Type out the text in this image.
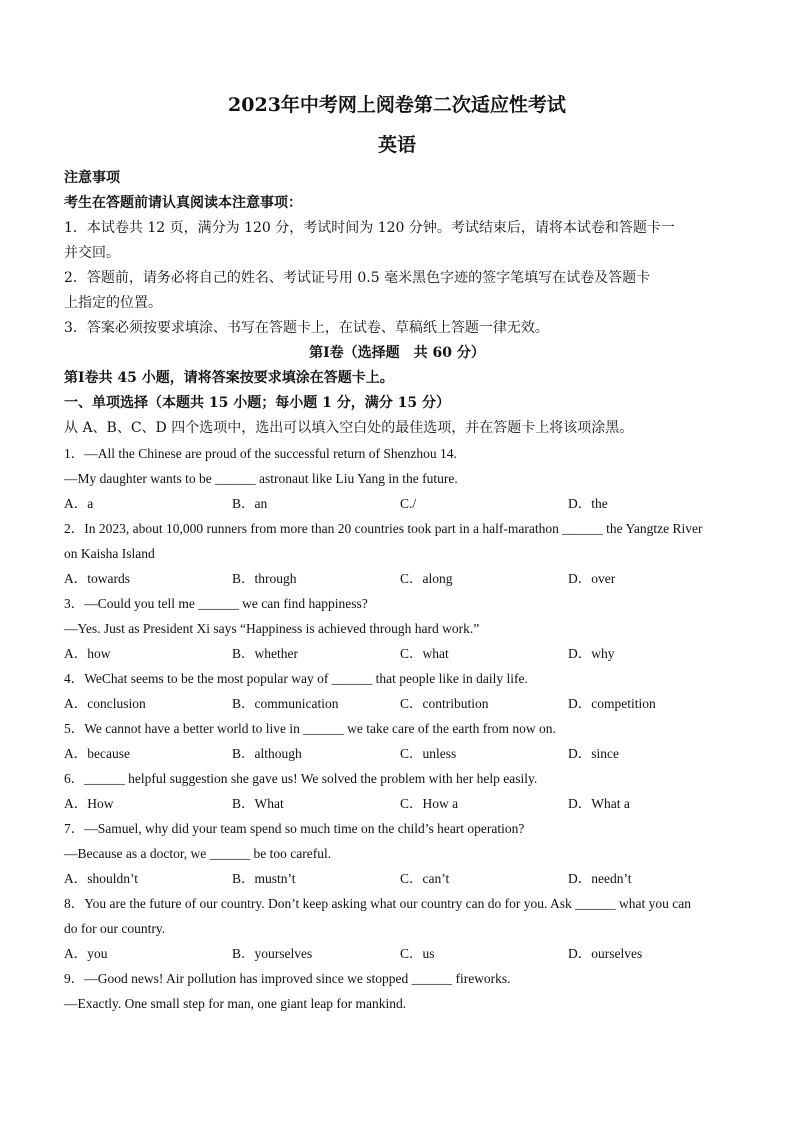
2023年中考网上阅卷第二次适应性考试
英语
注意事项
考生在答题前请认真阅读本注意事项：
1．本试卷共 12 页，满分为 120 分，考试时间为 120 分钟。考试结束后，请将本试卷和答题卡一
并交回。
2．答题前，请务必将自己的姓名、考试证号用 0.5 毫米黑色字迹的签字笔填写在试卷及答题卡
上指定的位置。
3．答案必须按要求填涂、书写在答题卡上，在试卷、草稿纸上答题一律无效。
第Ⅰ卷（选择题　共 60 分）
第Ⅰ卷共 45 小题，请将答案按要求填涂在答题卡上。
一、单项选择（本题共 15 小题；每小题 1 分，满分 15 分）
从 A、B、C、D 四个选项中，选出可以填入空白处的最佳选项，并在答题卡上将该项涂黑。
1．—All the Chinese are proud of the successful return of Shenzhou 14.
—My daughter wants to be ______ astronaut like Liu Yang in the future.
A．a	B．an	C./	D．the
2．In 2023, about 10,000 runners from more than 20 countries took part in a half-marathon ______ the Yangtze River
on Kaisha Island
A．towards	B．through	C．along	D．over
3．—Could you tell me ______ we can find happiness?
—Yes. Just as President Xi says “Happiness is achieved through hard work.”
A．how	B．whether	C．what	D．why
4．WeChat seems to be the most popular way of ______ that people like in daily life.
A．conclusion	B．communication	C．contribution	D．competition
5．We cannot have a better world to live in ______ we take care of the earth from now on.
A．because	B．although	C．unless	D．since
6．______ helpful suggestion she gave us! We solved the problem with her help easily.
A．How	B．What	C．How a	D．What a
7．—Samuel, why did your team spend so much time on the child’s heart operation?
—Because as a doctor, we ______ be too careful.
A．shouldn’t	B．mustn’t	C．can’t	D．needn’t
8．You are the future of our country. Don’t keep asking what our country can do for you. Ask ______ what you can
do for our country.
A．you	B．yourselves	C．us	D．ourselves
9．—Good news! Air pollution has improved since we stopped ______ fireworks.
—Exactly. One small step for man, one giant leap for mankind.
